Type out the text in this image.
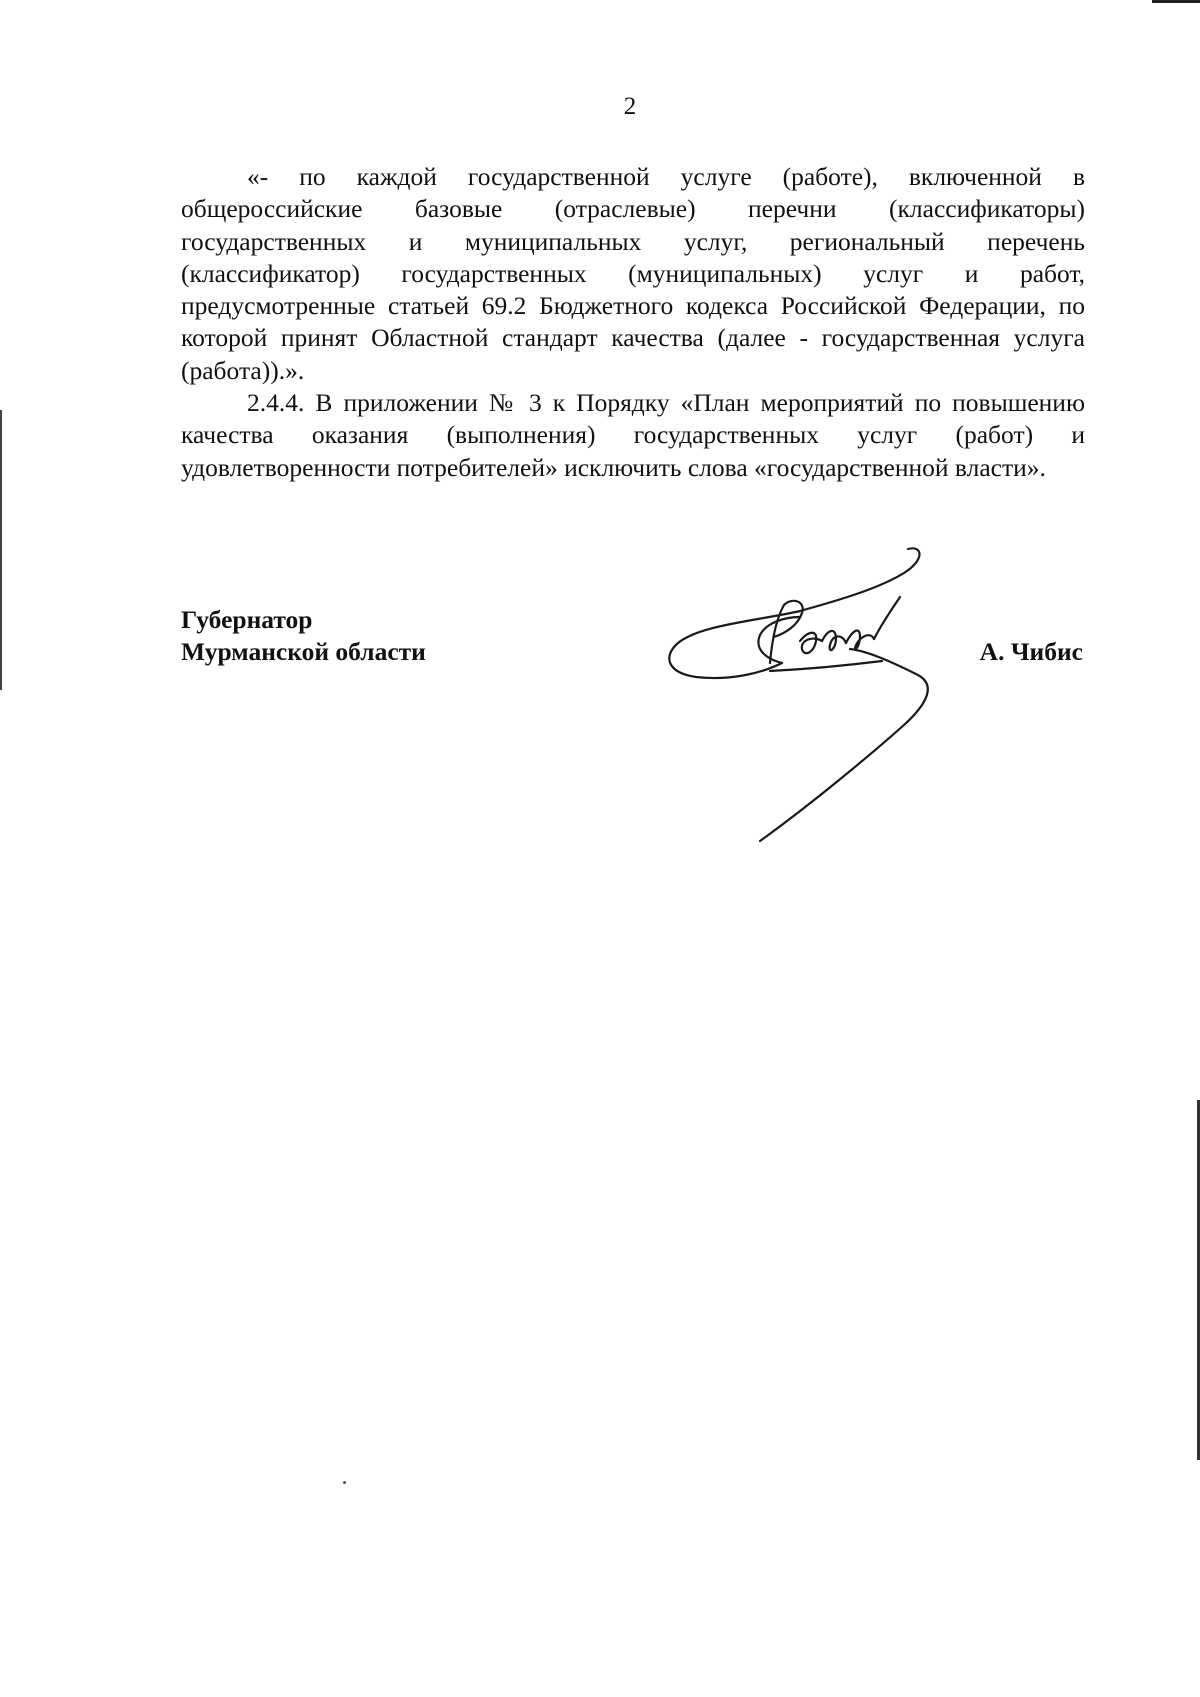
2

«- по каждой государственной услуге (работе), включенной в общероссийские базовые (отраслевые) перечни (классификаторы) государственных и муниципальных услуг, региональный перечень (классификатор) государственных (муниципальных) услуг и работ, предусмотренные статьей 69.2 Бюджетного кодекса Российской Федерации, по которой принят Областной стандарт качества (далее - государственная услуга (работа)).».

2.4.4. В приложении № 3 к Порядку «План мероприятий по повышению качества оказания (выполнения) государственных услуг (работ) и удовлетворенности потребителей» исключить слова «государственной власти».

Губернатор
Мурманской области	А. Чибис
